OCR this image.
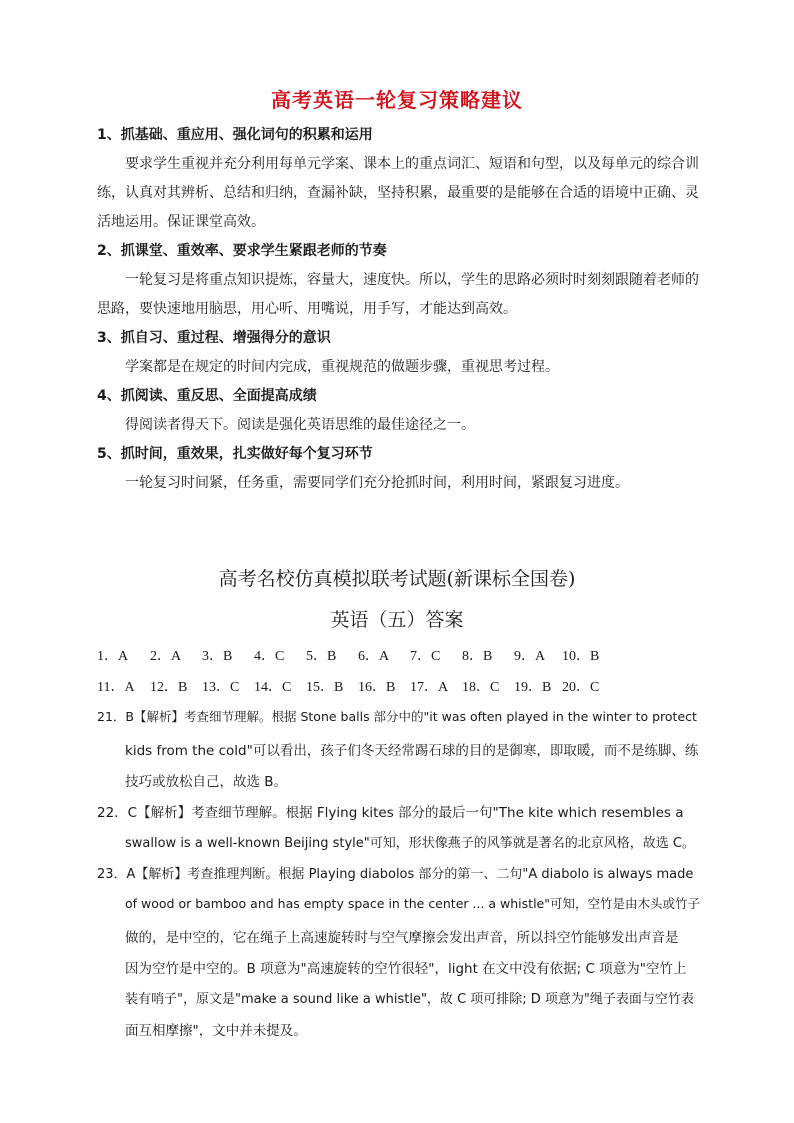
高考英语一轮复习策略建议
1、抓基础、重应用、强化词句的积累和运用
要求学生重视并充分利用每单元学案、课本上的重点词汇、短语和句型，以及每单元的综合训
练，认真对其辨析、总结和归纳，查漏补缺，坚持积累，最重要的是能够在合适的语境中正确、灵
活地运用。保证课堂高效。
2、抓课堂、重效率、要求学生紧跟老师的节奏
一轮复习是将重点知识提炼，容量大，速度快。所以，学生的思路必须时时刻刻跟随着老师的
思路，要快速地用脑思，用心听、用嘴说，用手写，才能达到高效。
3、抓自习、重过程、增强得分的意识
学案都是在规定的时间内完成，重视规范的做题步骤，重视思考过程。
4、抓阅读、重反思、全面提高成绩
得阅读者得天下。阅读是强化英语思维的最佳途径之一。
5、抓时间，重效果，扎实做好每个复习环节
一轮复习时间紧，任务重，需要同学们充分抢抓时间，利用时间，紧跟复习进度。
高考名校仿真模拟联考试题(新课标全国卷)
英语（五）答案
1．A 2．A 3．B 4．C 5．B 6．A 7．C 8．B 9．A 10．B
11．A 12．B 13．C 14．C 15．B 16．B 17．A 18．C 19．B 20．C
21．B【解析】考查细节理解。根据 Stone balls 部分中的"it was often played in the winter to protect
kids from the cold"可以看出，孩子们冬天经常踢石球的目的是御寒，即取暖，而不是练脚、练
技巧或放松自己，故选 B。
22．C【解析】考查细节理解。根据 Flying kites 部分的最后一句"The kite which resembles a
swallow is a well-known Beijing style"可知，形状像燕子的风筝就是著名的北京风格，故选 C。
23．A【解析】考查推理判断。根据 Playing diabolos 部分的第一、二句"A diabolo is always made
of wood or bamboo and has empty space in the center ... a whistle"可知，空竹是由木头或竹子
做的，是中空的，它在绳子上高速旋转时与空气摩擦会发出声音，所以抖空竹能够发出声音是
因为空竹是中空的。B 项意为"高速旋转的空竹很轻"，light 在文中没有依据; C 项意为"空竹上
装有哨子"，原文是"make a sound like a whistle"，故 C 项可排除; D 项意为"绳子表面与空竹表
面互相摩擦"，文中并未提及。
